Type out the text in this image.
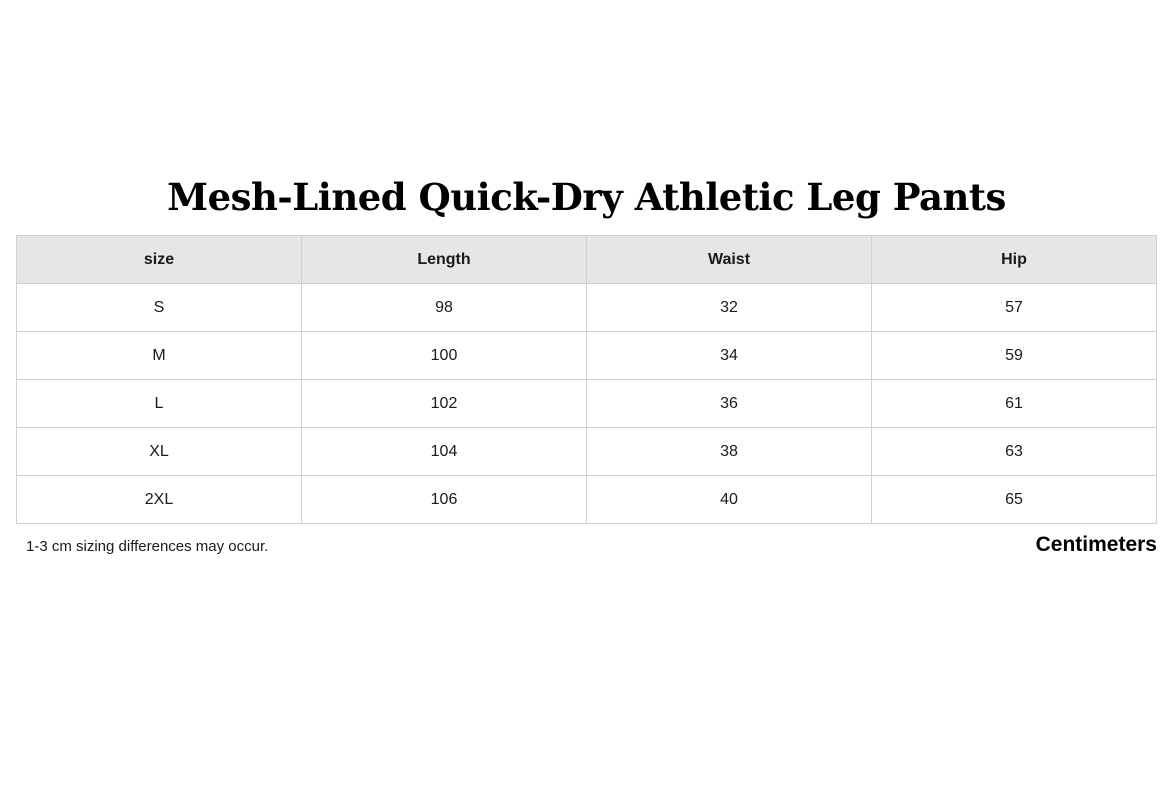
Mesh-Lined Quick-Dry Athletic Leg Pants
size	Length	Waist	Hip
S	98	32	57
M	100	34	59
L	102	36	61
XL	104	38	63
2XL	106	40	65
1-3 cm sizing differences may occur.	Centimeters
